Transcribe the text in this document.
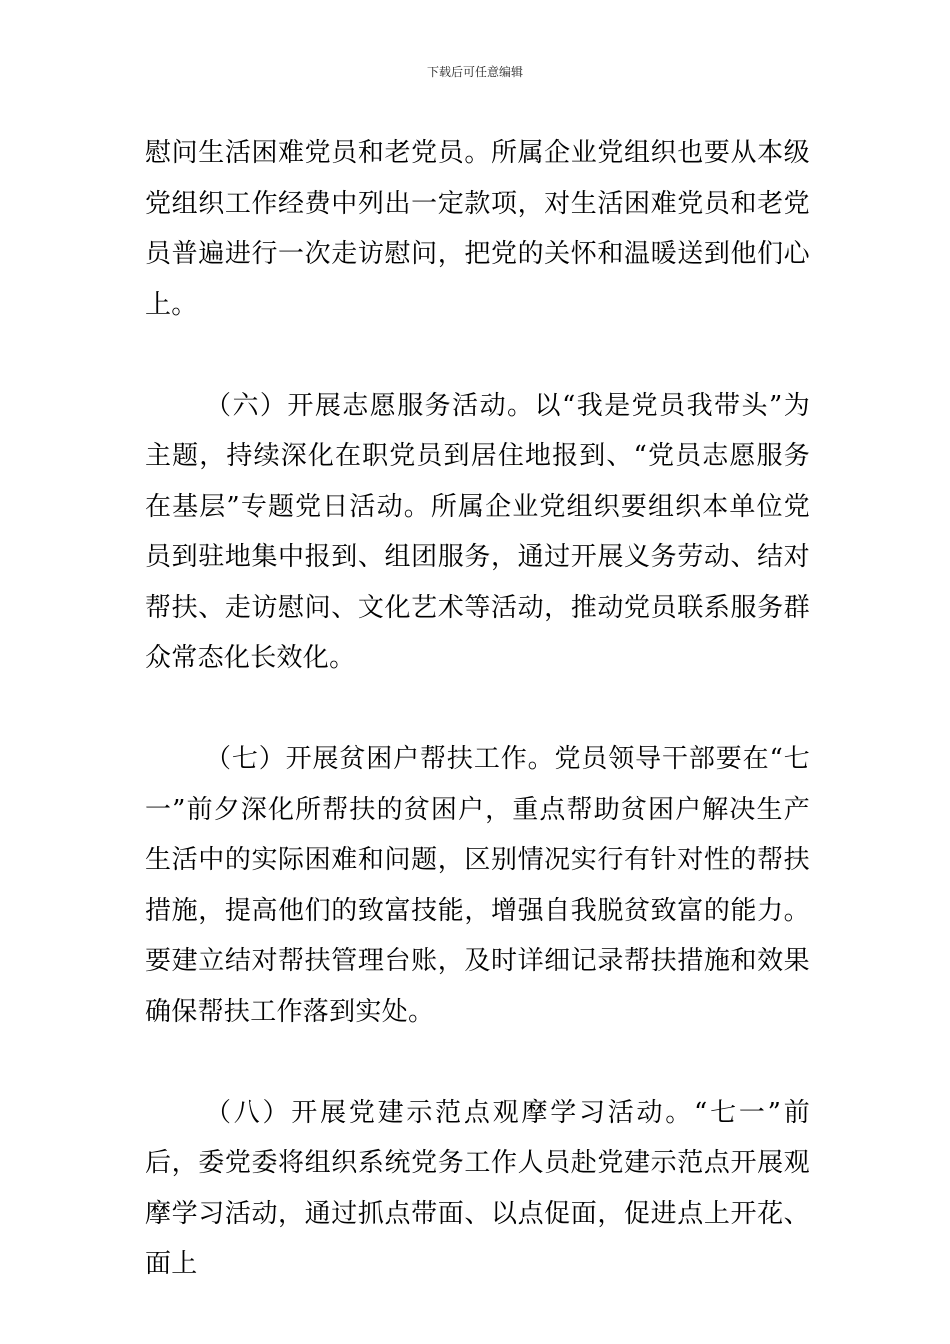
下载后可任意编辑

慰问生活困难党员和老党员。所属企业党组织也要从本级党组织工作经费中列出一定款项，对生活困难党员和老党员普遍进行一次走访慰问，把党的关怀和温暖送到他们心上。

（六）开展志愿服务活动。以“我是党员我带头”为主题，持续深化在职党员到居住地报到、“党员志愿服务在基层”专题党日活动。所属企业党组织要组织本单位党员到驻地集中报到、组团服务，通过开展义务劳动、结对帮扶、走访慰问、文化艺术等活动，推动党员联系服务群众常态化长效化。

（七）开展贫困户帮扶工作。党员领导干部要在“七一”前夕深化所帮扶的贫困户，重点帮助贫困户解决生产生活中的实际困难和问题，区别情况实行有针对性的帮扶措施，提高他们的致富技能，增强自我脱贫致富的能力。要建立结对帮扶管理台账，及时详细记录帮扶措施和效果确保帮扶工作落到实处。

（八）开展党建示范点观摩学习活动。“七一”前后，委党委将组织系统党务工作人员赴党建示范点开展观摩学习活动，通过抓点带面、以点促面，促进点上开花、面上
